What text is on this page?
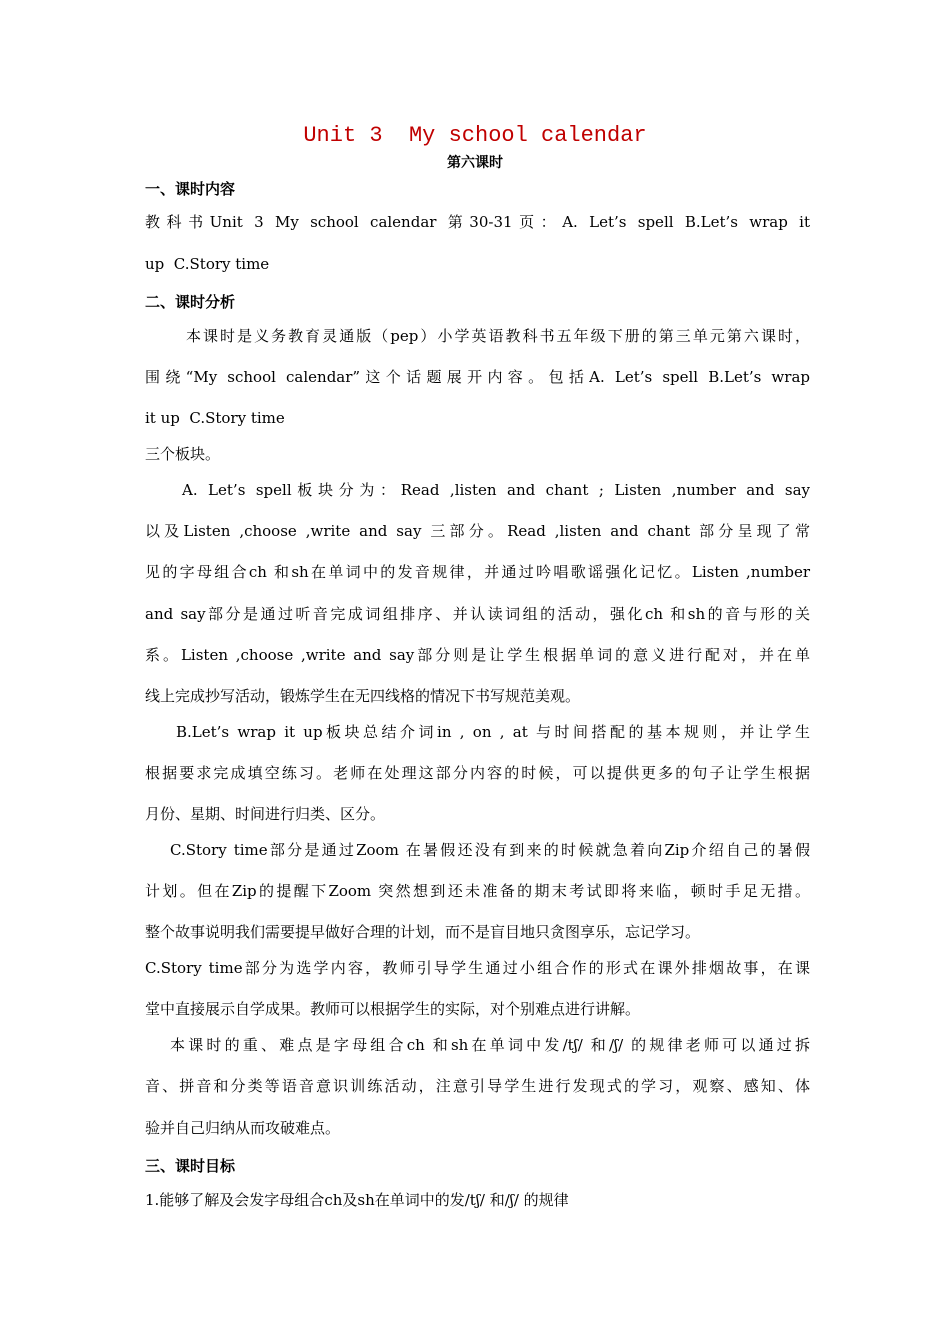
Unit 3  My school calendar
第六课时
一、课时内容
教科书Unit 3 My school calendar 第30-31页：A. Let’s spell B.Let’s wrap it
up  C.Story time
二、课时分析
本课时是义务教育灵通版（pep）小学英语教科书五年级下册的第三单元第六课时，
围绕“My school calendar”这个话题展开内容。包括A. Let’s spell B.Let’s wrap
it up  C.Story time
三个板块。
A. Let’s spell板块分为：Read ,listen and chant ; Listen ,number and say
以及Listen ,choose ,write and say 三部分。Read ,listen and chant 部分呈现了常
见的字母组合ch 和sh在单词中的发音规律，并通过吟唱歌谣强化记忆。Listen ,number
and say部分是通过听音完成词组排序、并认读词组的活动，强化ch 和sh的音与形的关
系。Listen ,choose ,write and say部分则是让学生根据单词的意义进行配对，并在单
线上完成抄写活动，锻炼学生在无四线格的情况下书写规范美观。
B.Let’s wrap it up板块总结介词in , on , at 与时间搭配的基本规则，并让学生
根据要求完成填空练习。老师在处理这部分内容的时候，可以提供更多的句子让学生根据
月份、星期、时间进行归类、区分。
C.Story time部分是通过Zoom 在暑假还没有到来的时候就急着向Zip介绍自己的暑假
计划。但在Zip的提醒下Zoom 突然想到还未准备的期末考试即将来临，顿时手足无措。
整个故事说明我们需要提早做好合理的计划，而不是盲目地只贪图享乐，忘记学习。
C.Story time部分为选学内容，教师引导学生通过小组合作的形式在课外排烟故事，在课
堂中直接展示自学成果。教师可以根据学生的实际，对个别难点进行讲解。
本课时的重、难点是字母组合ch 和sh在单词中发/tʃ/ 和/ʃ/ 的规律老师可以通过拆
音、拼音和分类等语音意识训练活动，注意引导学生进行发现式的学习，观察、感知、体
验并自己归纳从而攻破难点。
三、课时目标
1.能够了解及会发字母组合ch及sh在单词中的发/tʃ/ 和/ʃ/ 的规律
